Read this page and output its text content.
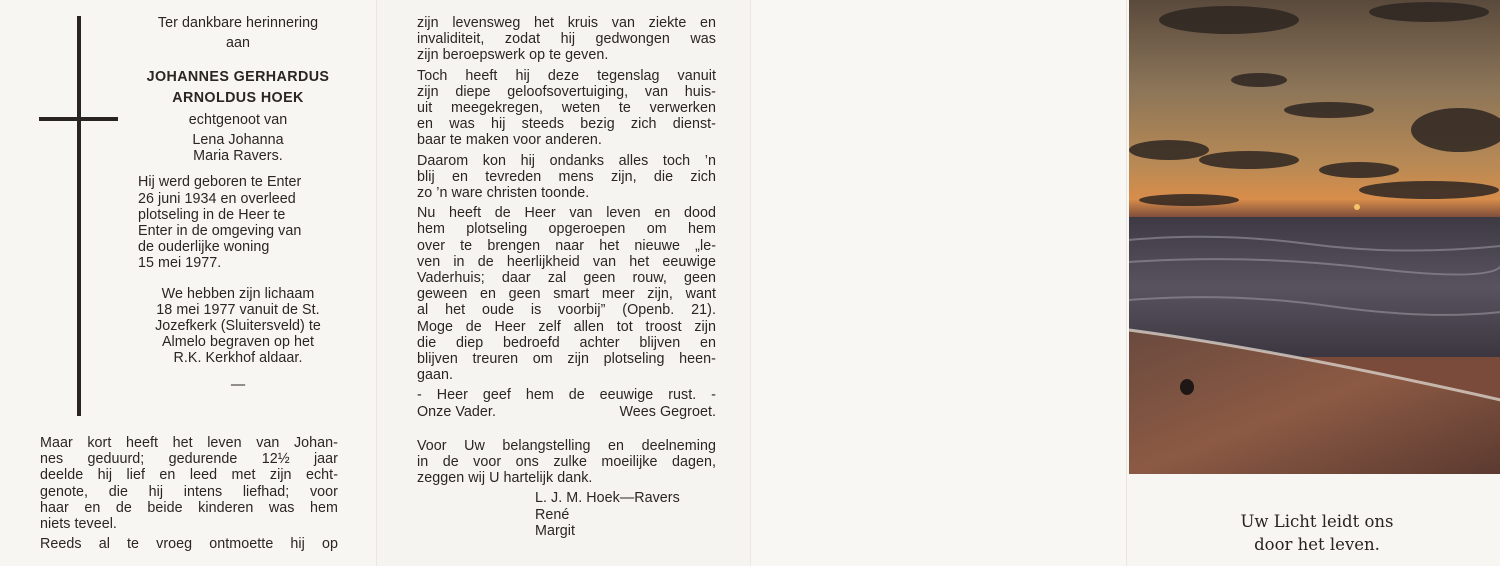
Ter dankbare herinnering
aan
JOHANNES GERHARDUS
ARNOLDUS HOEK
echtgenoot van
Lena Johanna
Maria Ravers.
Hij werd geboren te Enter
26 juni 1934 en overleed
plotseling in de Heer te
Enter in de omgeving van
de ouderlijke woning
15 mei 1977.
We hebben zijn lichaam
18 mei 1977 vanuit de St.
Jozefkerk (Sluitersveld) te
Almelo begraven op het
R.K. Kerkhof aldaar.
—
Maar kort heeft het leven van Johan-
nes geduurd; gedurende 12½ jaar
deelde hij lief en leed met zijn echt-
genote, die hij intens liefhad; voor
haar en de beide kinderen was hem
niets teveel.
Reeds al te vroeg ontmoette hij op
zijn levensweg het kruis van ziekte en
invaliditeit, zodat hij gedwongen was
zijn beroepswerk op te geven.
Toch heeft hij deze tegenslag vanuit
zijn diepe geloofsovertuiging, van huis-
uit meegekregen, weten te verwerken
en was hij steeds bezig zich dienst-
baar te maken voor anderen.
Daarom kon hij ondanks alles toch ’n
blij en tevreden mens zijn, die zich
zo ’n ware christen toonde.
Nu heeft de Heer van leven en dood
hem plotseling opgeroepen om hem
over te brengen naar het nieuwe „le-
ven in de heerlijkheid van het eeuwige
Vaderhuis; daar zal geen rouw, geen
geween en geen smart meer zijn, want
al het oude is voorbij” (Openb. 21).
Moge de Heer zelf allen tot troost zijn
die diep bedroefd achter blijven en
blijven treuren om zijn plotseling heen-
gaan.
- Heer geef hem de eeuwige rust. -
Onze Vader.	Wees Gegroet.
Voor Uw belangstelling en deelneming
in de voor ons zulke moeilijke dagen,
zeggen wij U hartelijk dank.
L. J. M. Hoek—Ravers
René
Margit	Uw Licht leidt ons
door het leven.
